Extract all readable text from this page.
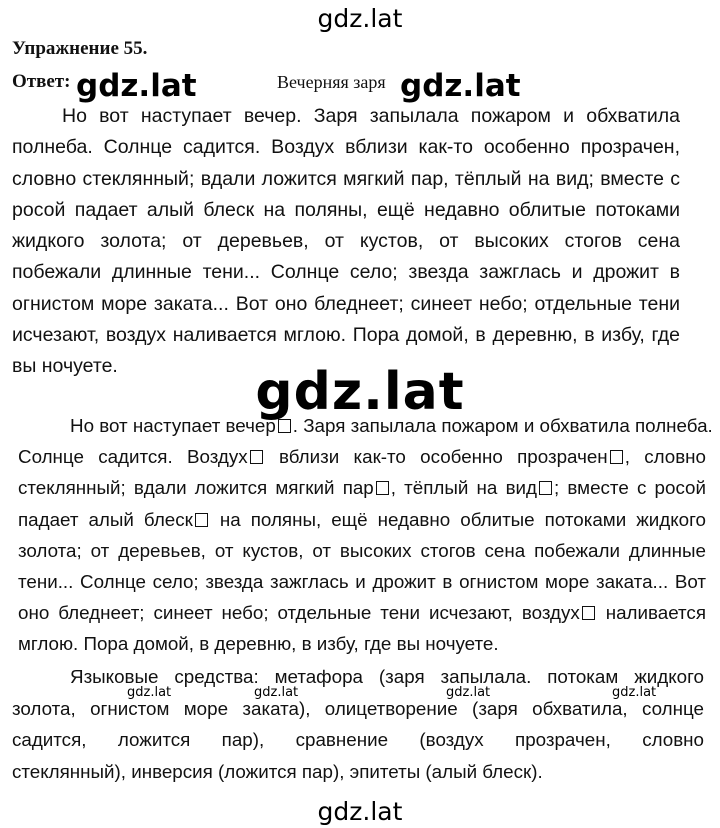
gdz.lat
Упражнение 55.
Ответ:	Вечерняя заря
gdz.lat	gdz.lat
Но вот наступает вечер. Заря запылала пожаром и обхватила полнеба. Солнце садится. Воздух вблизи как-то особенно прозрачен, словно стеклянный; вдали ложится мягкий пар, тёплый на вид; вместе с росой падает алый блеск на поляны, ещё недавно облитые потоками жидкого золота; от деревьев, от кустов, от высоких стогов сена побежали длинные тени... Солнце село; звезда зажглась и дрожит в огнистом море заката... Вот оно бледнеет; синеет небо; отдельные тени исчезают, воздух наливается мглою. Пора домой, в деревню, в избу, где вы ночуете.	gdz.lat
Но вот наступает вечер . Заря запылала пожаром и обхватила полнеба.
Солнце садится. Воздух вблизи как-то особенно прозрачен , словно
стеклянный; вдали ложится мягкий пар , тёплый на вид ; вместе с росой
падает алый блеск на поляны, ещё недавно облитые потоками жидкого
золота; от деревьев, от кустов, от высоких стогов сена побежали длинные
тени... Солнце село; звезда зажглась и дрожит в огнистом море заката... Вот
оно бледнеет; синеет небо; отдельные тени исчезают, воздух наливается
мглою. Пора домой, в деревню, в избу, где вы ночуете.
Языковые средства: метафора (заря запылала. потокам жидкого
золота, огнистом море заката), олицетворение (заря обхватила, солнце
садится, ложится пар), сравнение (воздух прозрачен, словно
стеклянный), инверсия (ложится пар), эпитеты (алый блеск).
gdz.lat	gdz.lat	gdz.lat	gdz.lat
gdz.lat
